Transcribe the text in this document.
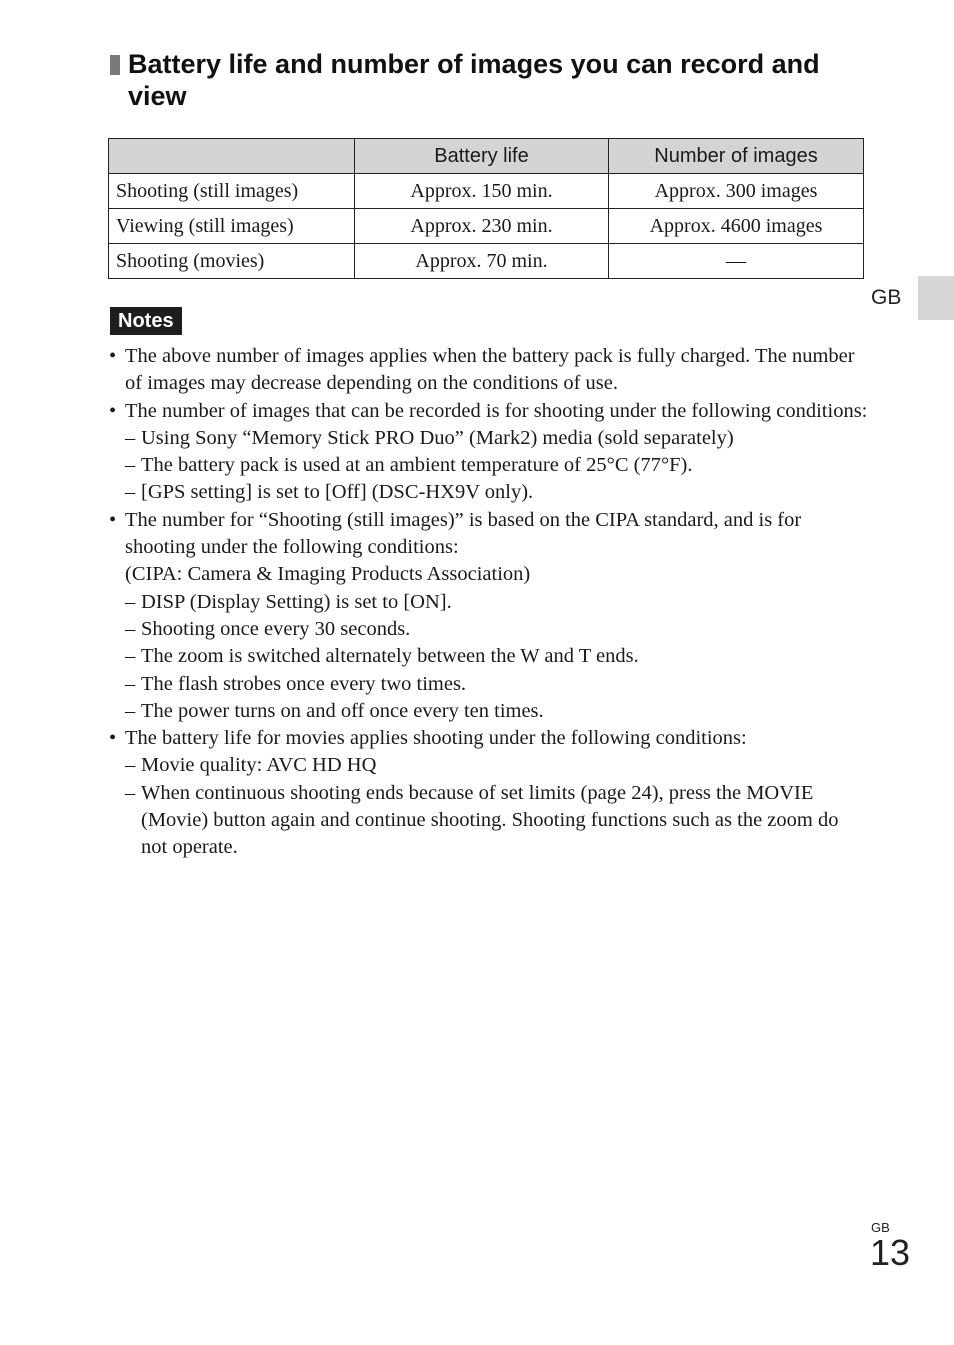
Battery life and number of images you can record and view
	Battery life	Number of images
Shooting (still images)	Approx. 150 min.	Approx. 300 images
Viewing (still images)	Approx. 230 min.	Approx. 4600 images
Shooting (movies)	Approx. 70 min.	—
Notes
• The above number of images applies when the battery pack is fully charged. The number of images may decrease depending on the conditions of use.
• The number of images that can be recorded is for shooting under the following conditions:
– Using Sony “Memory Stick PRO Duo” (Mark2) media (sold separately)
– The battery pack is used at an ambient temperature of 25°C (77°F).
– [GPS setting] is set to [Off] (DSC-HX9V only).
• The number for “Shooting (still images)” is based on the CIPA standard, and is for shooting under the following conditions:
(CIPA: Camera & Imaging Products Association)
– DISP (Display Setting) is set to [ON].
– Shooting once every 30 seconds.
– The zoom is switched alternately between the W and T ends.
– The flash strobes once every two times.
– The power turns on and off once every ten times.
• The battery life for movies applies shooting under the following conditions:
– Movie quality: AVC HD HQ
– When continuous shooting ends because of set limits (page 24), press the MOVIE (Movie) button again and continue shooting. Shooting functions such as the zoom do not operate.
GB
GB
13
